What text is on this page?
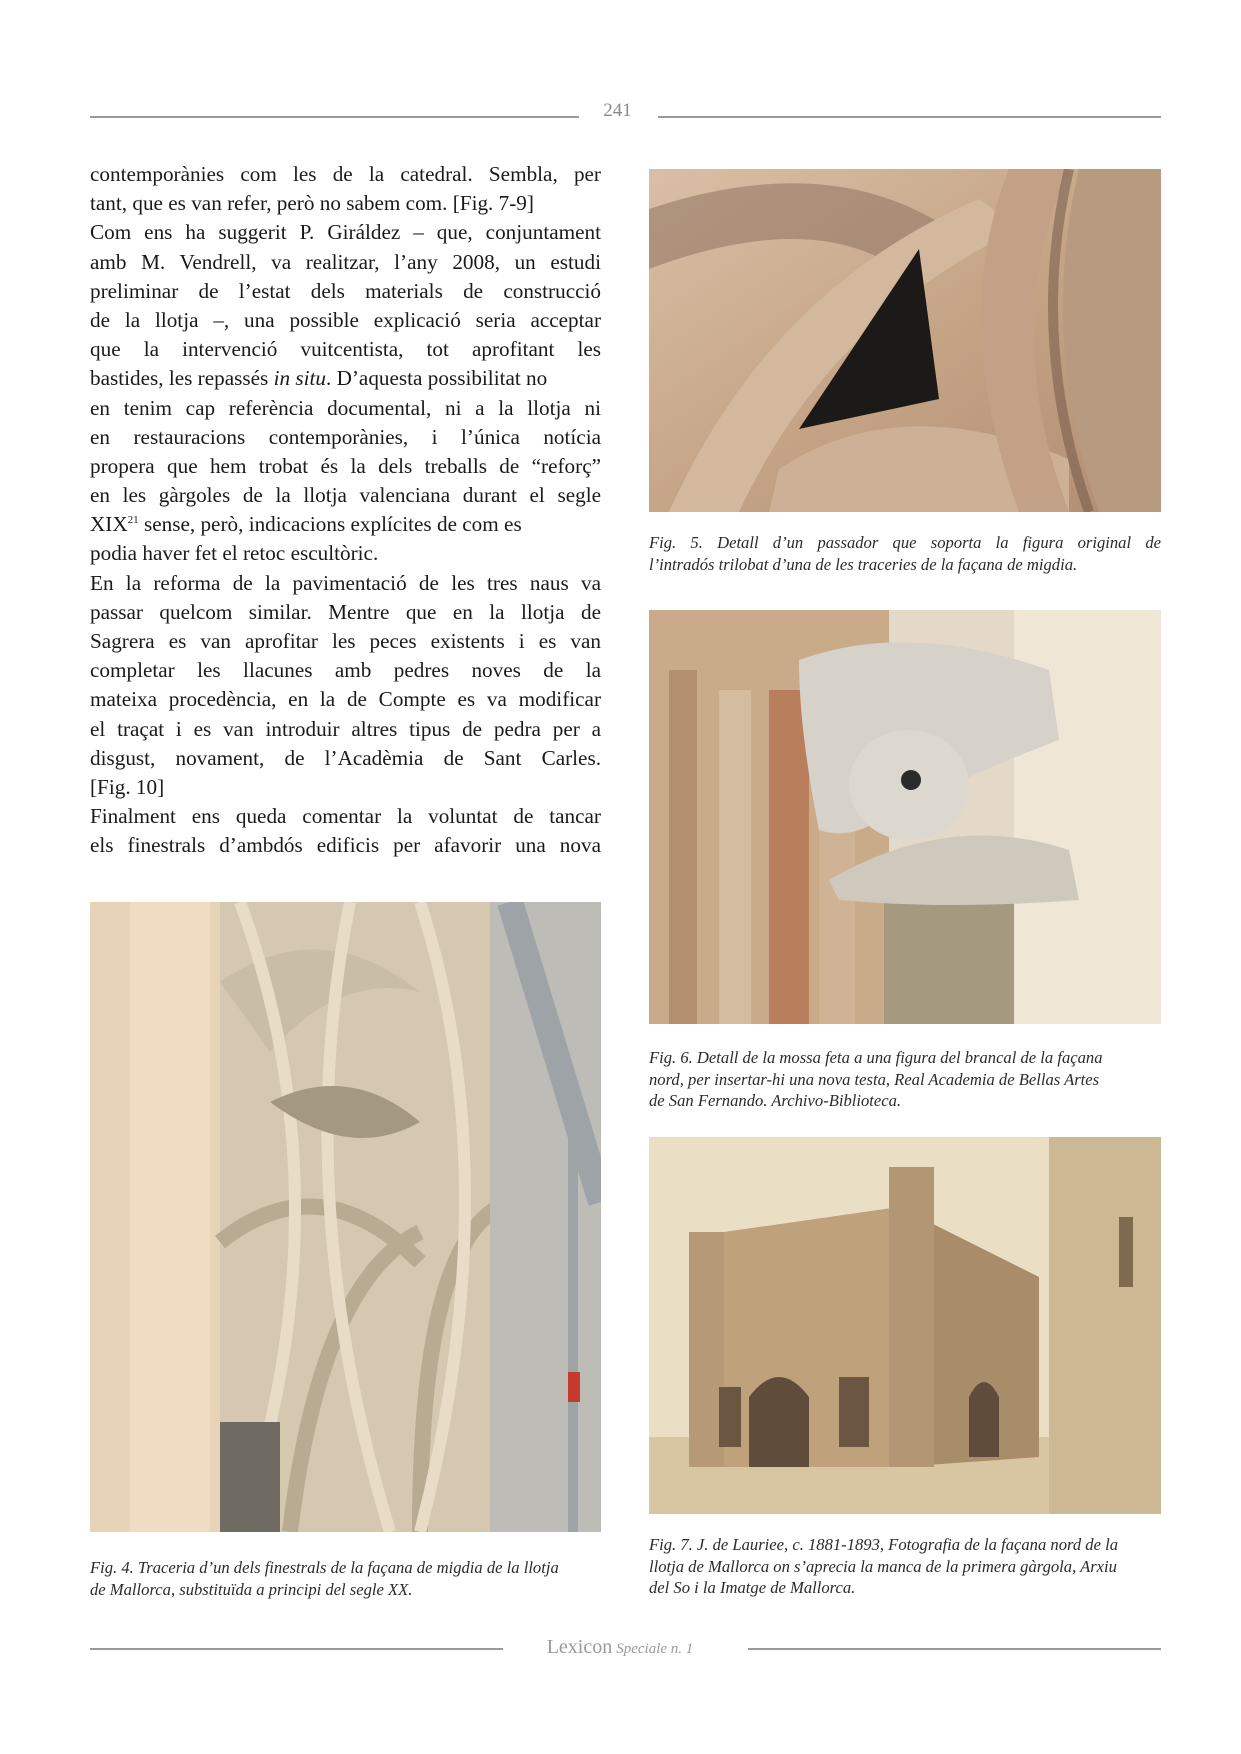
241
contemporànies com les de la catedral. Sembla, per
tant, que es van refer, però no sabem com. [Fig. 7-9]
Com ens ha suggerit P. Giráldez – que, conjuntament
amb M. Vendrell, va realitzar, l’any 2008, un estudi
preliminar de l’estat dels materials de construcció
de la llotja –, una possible explicació seria acceptar
que la intervenció vuitcentista, tot aprofitant les
bastides, les repassés in situ. D’aquesta possibilitat no
en tenim cap referència documental, ni a la llotja ni
en restauracions contemporànies, i l’única notícia
propera que hem trobat és la dels treballs de “reforç”
en les gàrgoles de la llotja valenciana durant el segle
XIX$^{21}$ sense, però, indicacions explícites de com es
podia haver fet el retoc escultòric.
En la reforma de la pavimentació de les tres naus va
passar quelcom similar. Mentre que en la llotja de
Sagrera es van aprofitar les peces existents i es van
completar les llacunes amb pedres noves de la
mateixa procedència, en la de Compte es va modificar
el traçat i es van introduir altres tipus de pedra per a
disgust, novament, de l’Acadèmia de Sant Carles.
[Fig. 10]
Finalment ens queda comentar la voluntat de tancar
els finestrals d’ambdós edificis per afavorir una nova
Fig. 5. Detall d’un passador que soporta la figura original de
l’intradós trilobat d’una de les traceries de la façana de migdia.
Fig. 6. Detall de la mossa feta a una figura del brancal de la façana
nord, per insertar-hi una nova testa, Real Academia de Bellas Artes
de San Fernando. Archivo-Biblioteca.
Fig. 7. J. de Lauriee, c. 1881-1893, Fotografia de la façana nord de la
llotja de Mallorca on s’aprecia la manca de la primera gàrgola, Arxiu
del So i la Imatge de Mallorca.
Fig. 4. Traceria d’un dels finestrals de la façana de migdia de la llotja
de Mallorca, substituïda a principi del segle XX.
Lexicon Speciale n. 1
